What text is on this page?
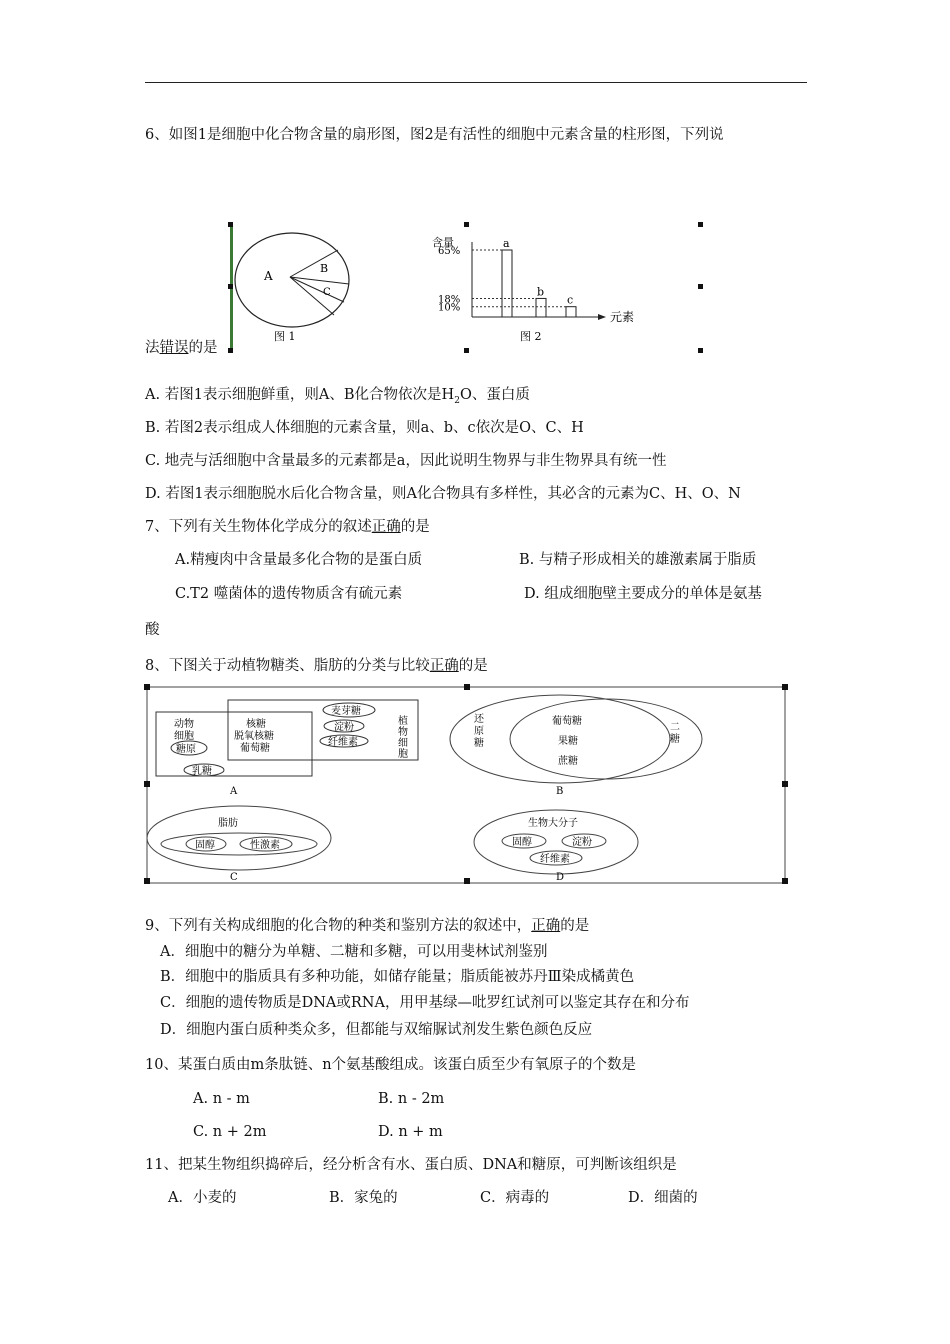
6、如图1是细胞中化合物含量的扇形图，图2是有活性的细胞中元素含量的柱形图，下列说
A
B
C
图 1
法错误的是
含量
元素
图 2
a
65%
b
18%	c
10%
A. 若图1表示细胞鲜重，则A、B化合物依次是$H_2O$、蛋白质
B. 若图2表示组成人体细胞的元素含量，则a、b、c依次是O、C、H
C. 地壳与活细胞中含量最多的元素都是a，因此说明生物界与非生物界具有统一性
D. 若图1表示细胞脱水后化合物含量，则A化合物具有多样性，其必含的元素为C、H、O、N
7、下列有关生物体化学成分的叙述正确的是
A.精瘦肉中含量最多化合物的是蛋白质	B. 与精子形成相关的雄激素属于脂质
C.T2 噬菌体的遗传物质含有硫元素	D. 组成细胞壁主要成分的单体是氨基
酸
8、下图关于动植物糖类、脂肪的分类与比较正确的是
动物
细胞
核糖
脱氧核糖
葡萄糖
糖原
乳糖
麦芽糖
淀粉
纤维素
植
物
细
胞
A
还
原
糖
葡萄糖
果糖
蔗糖
二
糖
B
脂肪
固醇	性激素
C
生物大分子
固醇	淀粉
纤维素
D
9、下列有关构成细胞的化合物的种类和鉴别方法的叙述中，正确的是
A．细胞中的糖分为单糖、二糖和多糖，可以用斐林试剂鉴别
B．细胞中的脂质具有多种功能，如储存能量；脂质能被苏丹Ⅲ染成橘黄色
C．细胞的遗传物质是DNA或RNA，用甲基绿—吡罗红试剂可以鉴定其存在和分布
D．细胞内蛋白质种类众多，但都能与双缩脲试剂发生紫色颜色反应
10、某蛋白质由m条肽链、n个氨基酸组成。该蛋白质至少有氧原子的个数是
A. n - m	B. n - 2m
C. n + 2m	D. n + m
11、把某生物组织捣碎后，经分析含有水、蛋白质、DNA和糖原，可判断该组织是
A．小麦的	B．家兔的	C．病毒的	D．细菌的
